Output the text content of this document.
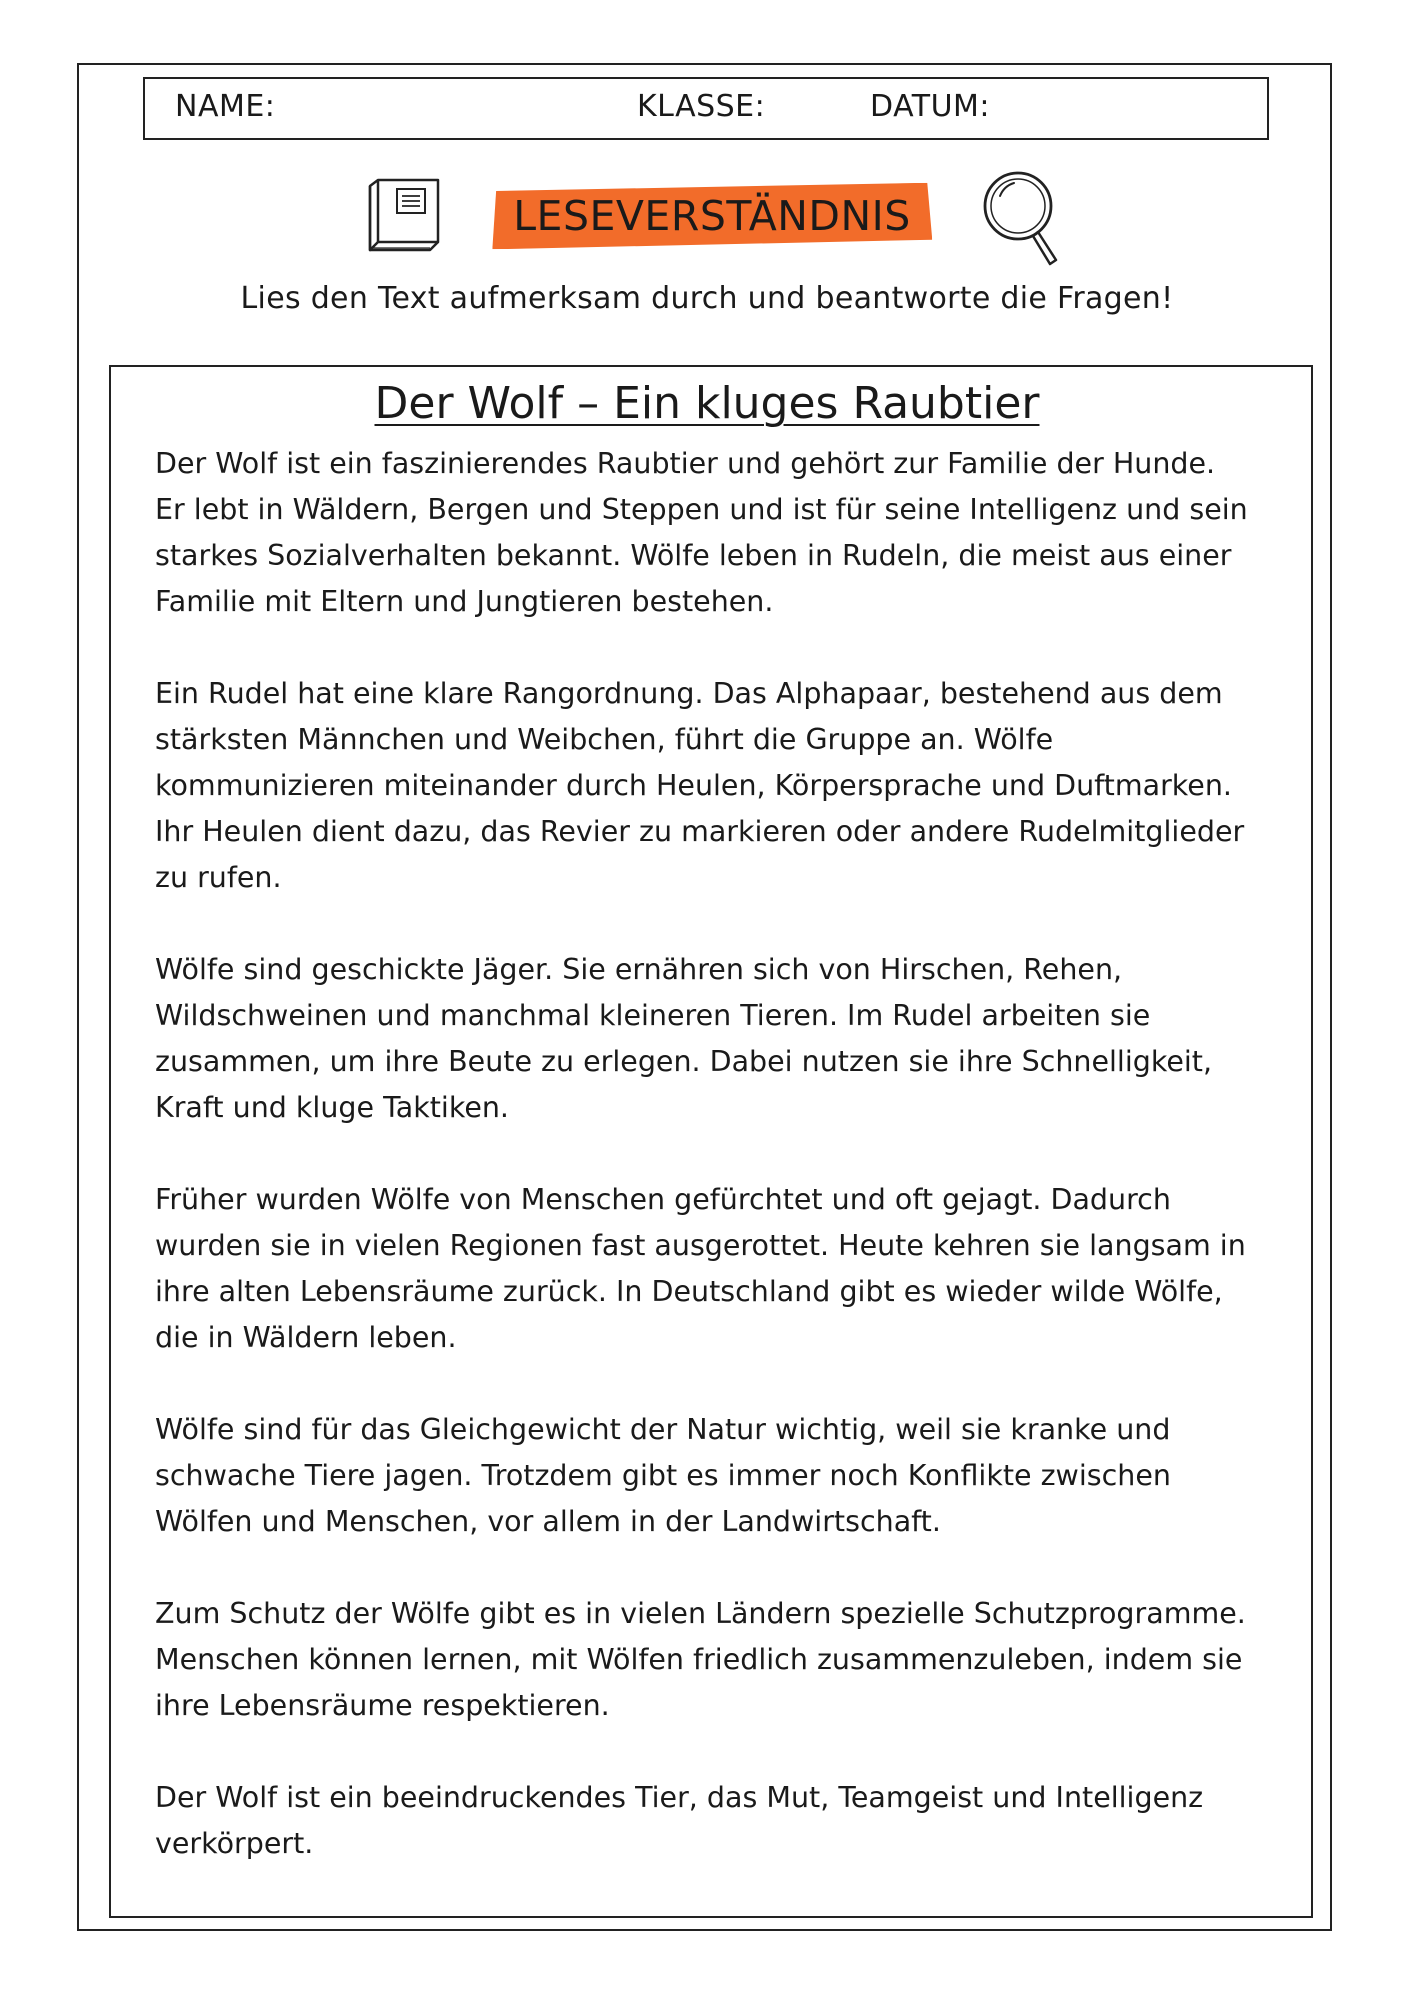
NAME:	KLASSE:	DATUM:
LESEVERSTÄNDNIS
Lies den Text aufmerksam durch und beantworte die Fragen!
Der Wolf – Ein kluges Raubtier

Der Wolf ist ein faszinierendes Raubtier und gehört zur Familie der Hunde.
Er lebt in Wäldern, Bergen und Steppen und ist für seine Intelligenz und sein
starkes Sozialverhalten bekannt. Wölfe leben in Rudeln, die meist aus einer
Familie mit Eltern und Jungtieren bestehen.

Ein Rudel hat eine klare Rangordnung. Das Alphapaar, bestehend aus dem
stärksten Männchen und Weibchen, führt die Gruppe an. Wölfe
kommunizieren miteinander durch Heulen, Körpersprache und Duftmarken.
Ihr Heulen dient dazu, das Revier zu markieren oder andere Rudelmitglieder
zu rufen.

Wölfe sind geschickte Jäger. Sie ernähren sich von Hirschen, Rehen,
Wildschweinen und manchmal kleineren Tieren. Im Rudel arbeiten sie
zusammen, um ihre Beute zu erlegen. Dabei nutzen sie ihre Schnelligkeit,
Kraft und kluge Taktiken.

Früher wurden Wölfe von Menschen gefürchtet und oft gejagt. Dadurch
wurden sie in vielen Regionen fast ausgerottet. Heute kehren sie langsam in
ihre alten Lebensräume zurück. In Deutschland gibt es wieder wilde Wölfe,
die in Wäldern leben.

Wölfe sind für das Gleichgewicht der Natur wichtig, weil sie kranke und
schwache Tiere jagen. Trotzdem gibt es immer noch Konflikte zwischen
Wölfen und Menschen, vor allem in der Landwirtschaft.

Zum Schutz der Wölfe gibt es in vielen Ländern spezielle Schutzprogramme.
Menschen können lernen, mit Wölfen friedlich zusammenzuleben, indem sie
ihre Lebensräume respektieren.

Der Wolf ist ein beeindruckendes Tier, das Mut, Teamgeist und Intelligenz
verkörpert.
